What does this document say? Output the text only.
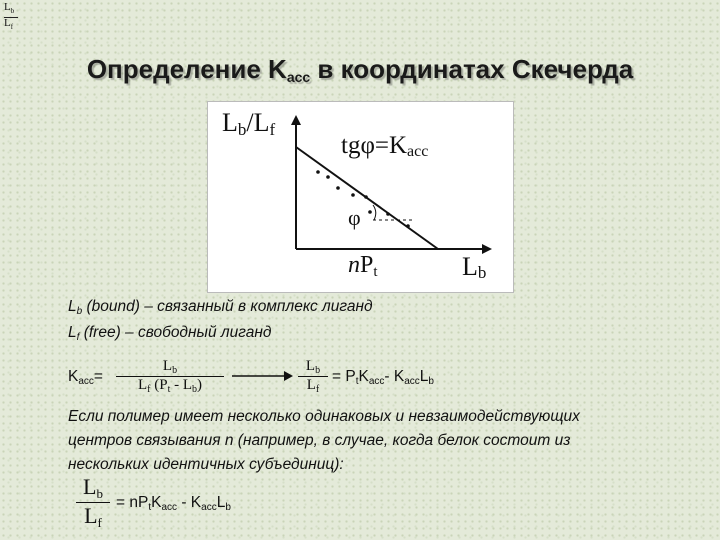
$L_b$
$L_f$
Определение $K_{acc}$ в координатах Скечерда
Lb/Lf
tgφ=Kacc
φ
nPt	Lb
$L_b$ (bound) – связанный в комплекс лиганд
$L_f$ (free) – свободный лиганд
$K_{acc}=$
$L_b$
$L_f$ $(P_t - L_b)$
$L_b$
$L_f$
= $P_tK_{acc}-$ $K_{acc}L_b$
Если полимер имеет несколько одинаковых и невзаимодействующих
центров связывания n (например, в случае, когда белок состоит из
нескольких идентичных субъединиц):
Lb
Lf
= $nP_tK_{acc} - K_{acc}L_b$
